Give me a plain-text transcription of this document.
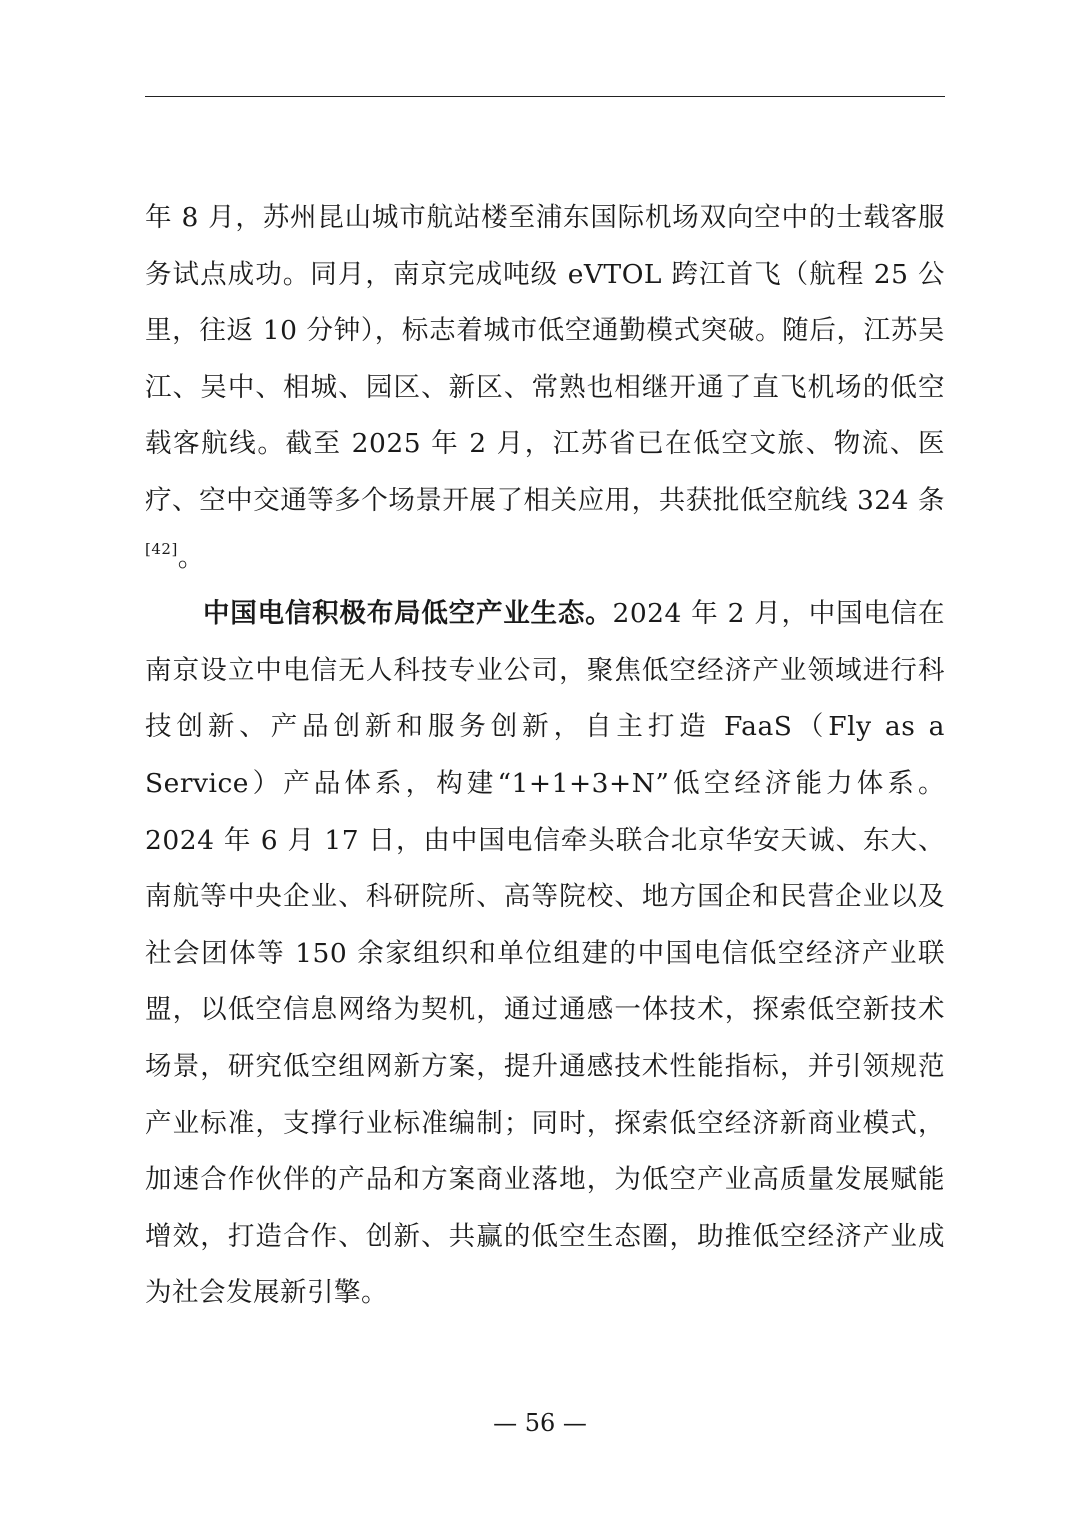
年 8 月，苏州昆山城市航站楼至浦东国际机场双向空中的士载客服务试点成功。同月，南京完成吨级 eVTOL 跨江首飞（航程 25 公里，往返 10 分钟），标志着城市低空通勤模式突破。随后，江苏吴江、吴中、相城、园区、新区、常熟也相继开通了直飞机场的低空载客航线。截至 2025 年 2 月，江苏省已在低空文旅、物流、医疗、空中交通等多个场景开展了相关应用，共获批低空航线 324 条[42]。

中国电信积极布局低空产业生态。2024 年 2 月，中国电信在南京设立中电信无人科技专业公司，聚焦低空经济产业领域进行科技创新、产品创新和服务创新，自主打造 FaaS（Fly as a Service）产品体系，构建“1+1+3+N”低空经济能力体系。2024 年 6 月 17 日，由中国电信牵头联合北京华安天诚、东大、南航等中央企业、科研院所、高等院校、地方国企和民营企业以及社会团体等 150 余家组织和单位组建的中国电信低空经济产业联盟，以低空信息网络为契机，通过通感一体技术，探索低空新技术场景，研究低空组网新方案，提升通感技术性能指标，并引领规范产业标准，支撑行业标准编制；同时，探索低空经济新商业模式，加速合作伙伴的产品和方案商业落地，为低空产业高质量发展赋能增效，打造合作、创新、共赢的低空生态圈，助推低空经济产业成为社会发展新引擎。

— 56 —
